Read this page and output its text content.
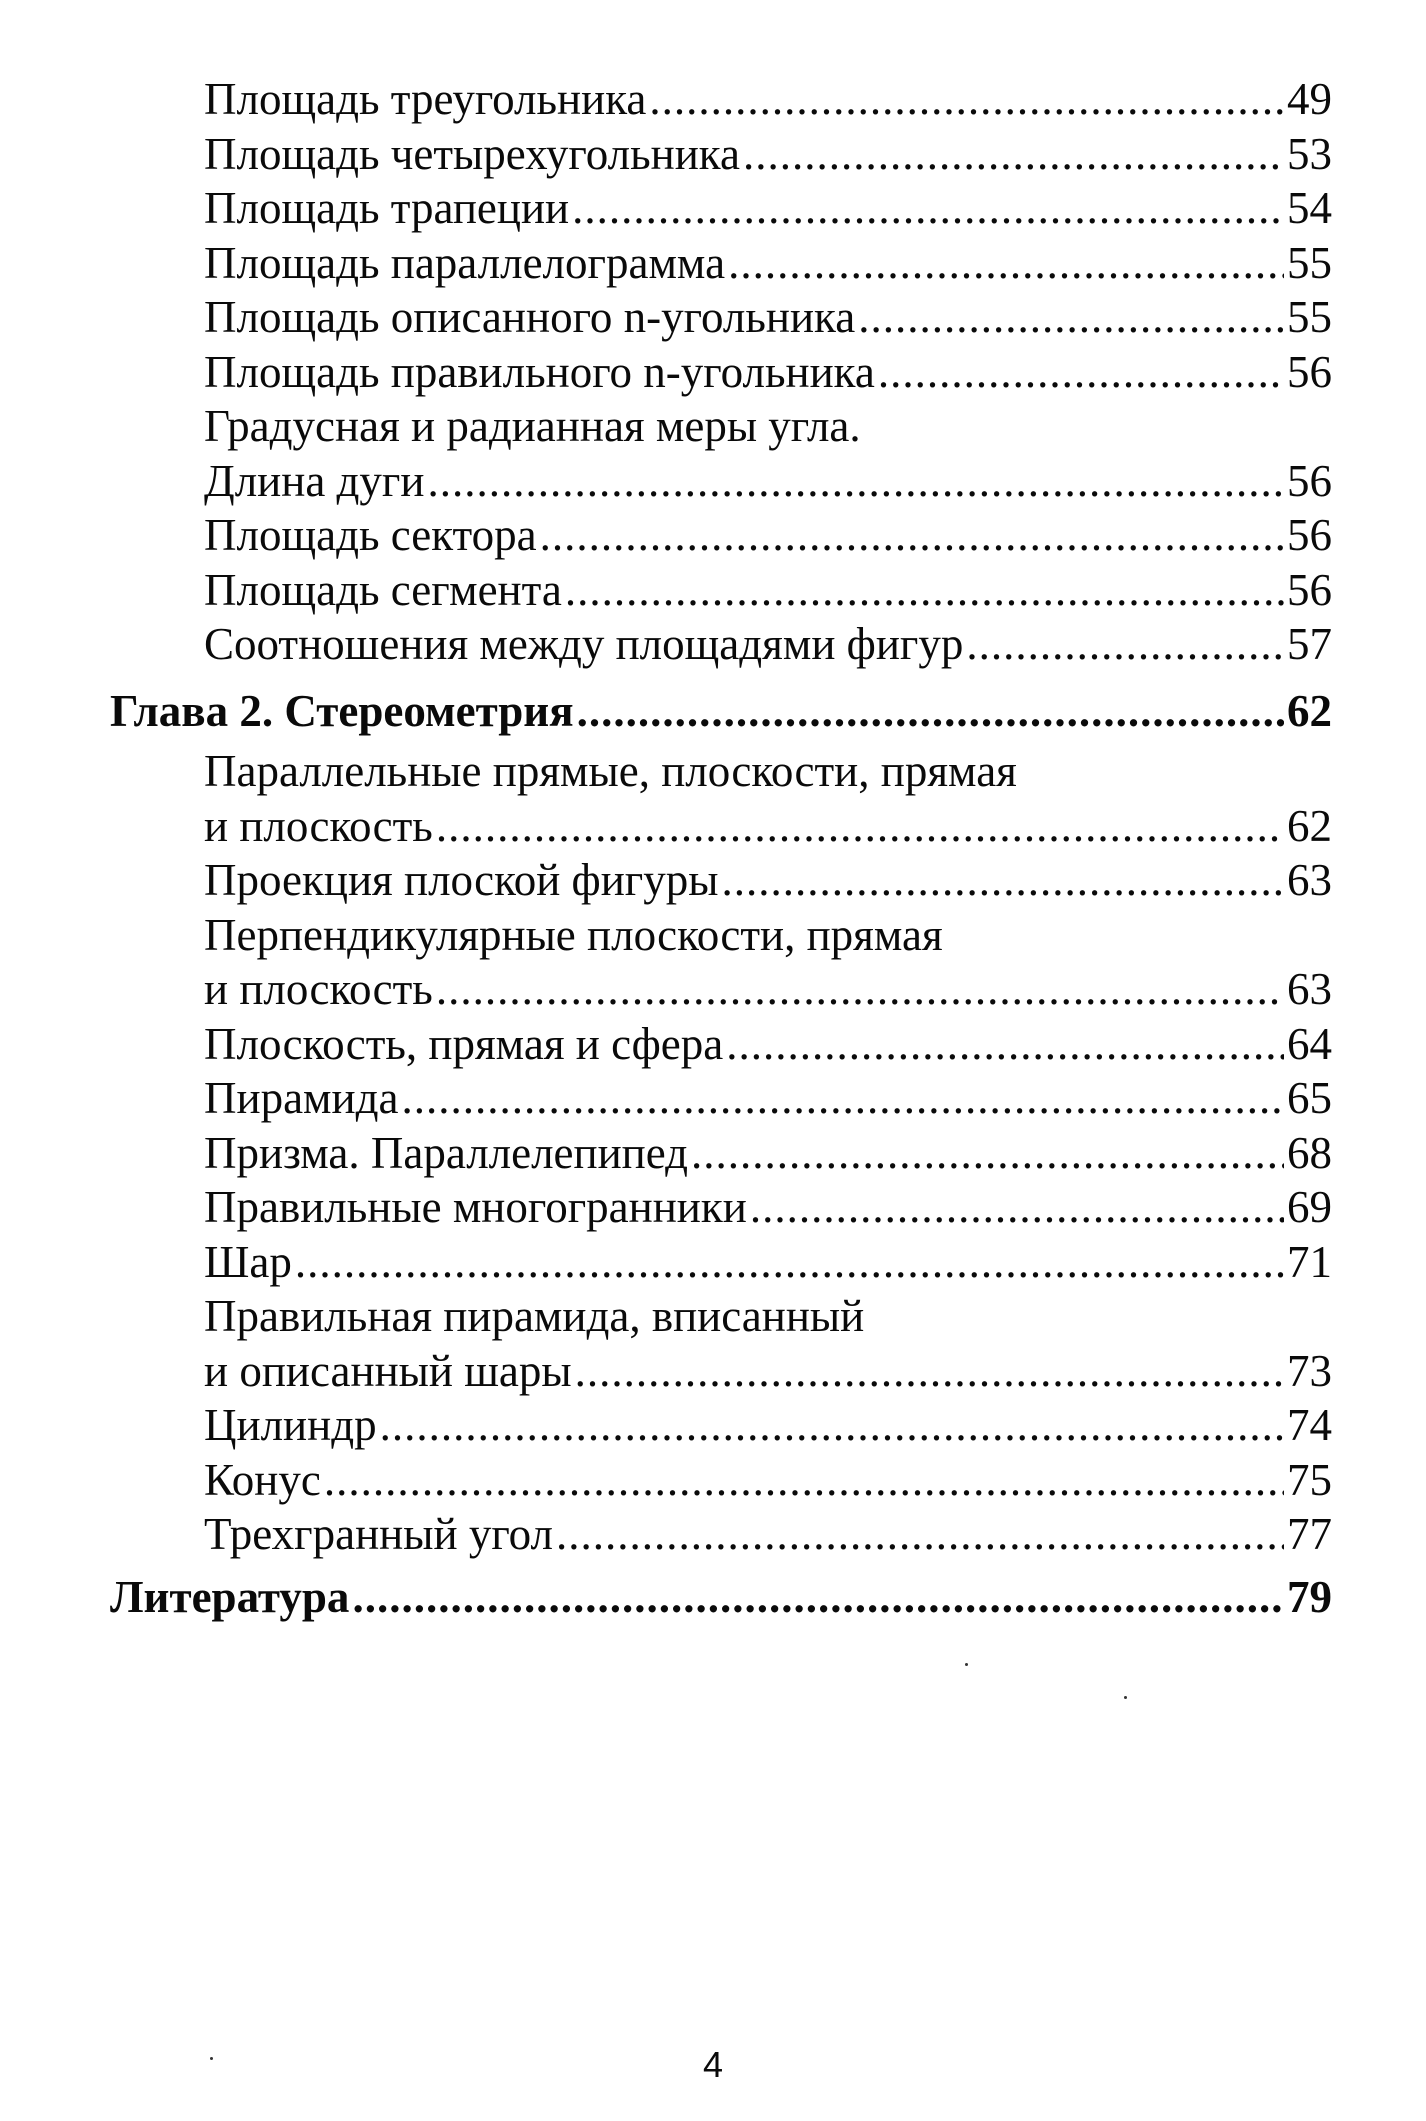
Площадь треугольника .....	49
Площадь четырехугольника .....	53
Площадь трапеции .....	54
Площадь параллелограмма .....	55
Площадь описанного n-угольника .....	55
Площадь правильного n-угольника .....	56
Градусная и радианная меры угла.
Длина дуги .....	56
Площадь сектора .....	56
Площадь сегмента .....	56
Соотношения между площадями фигур .....	57
Глава 2. Стереометрия .....	62
Параллельные прямые, плоскости, прямая
и плоскость .....	62
Проекция плоской фигуры .....	63
Перпендикулярные плоскости, прямая
и плоскость .....	63
Плоскость, прямая и сфера .....	64
Пирамида .....	65
Призма. Параллелепипед .....	68
Правильные многогранники .....	69
Шар .....	71
Правильная пирамида, вписанный
и описанный шары .....	73
Цилиндр .....	74
Конус .....	75
Трехгранный угол .....	77
Литература .....	79
4
